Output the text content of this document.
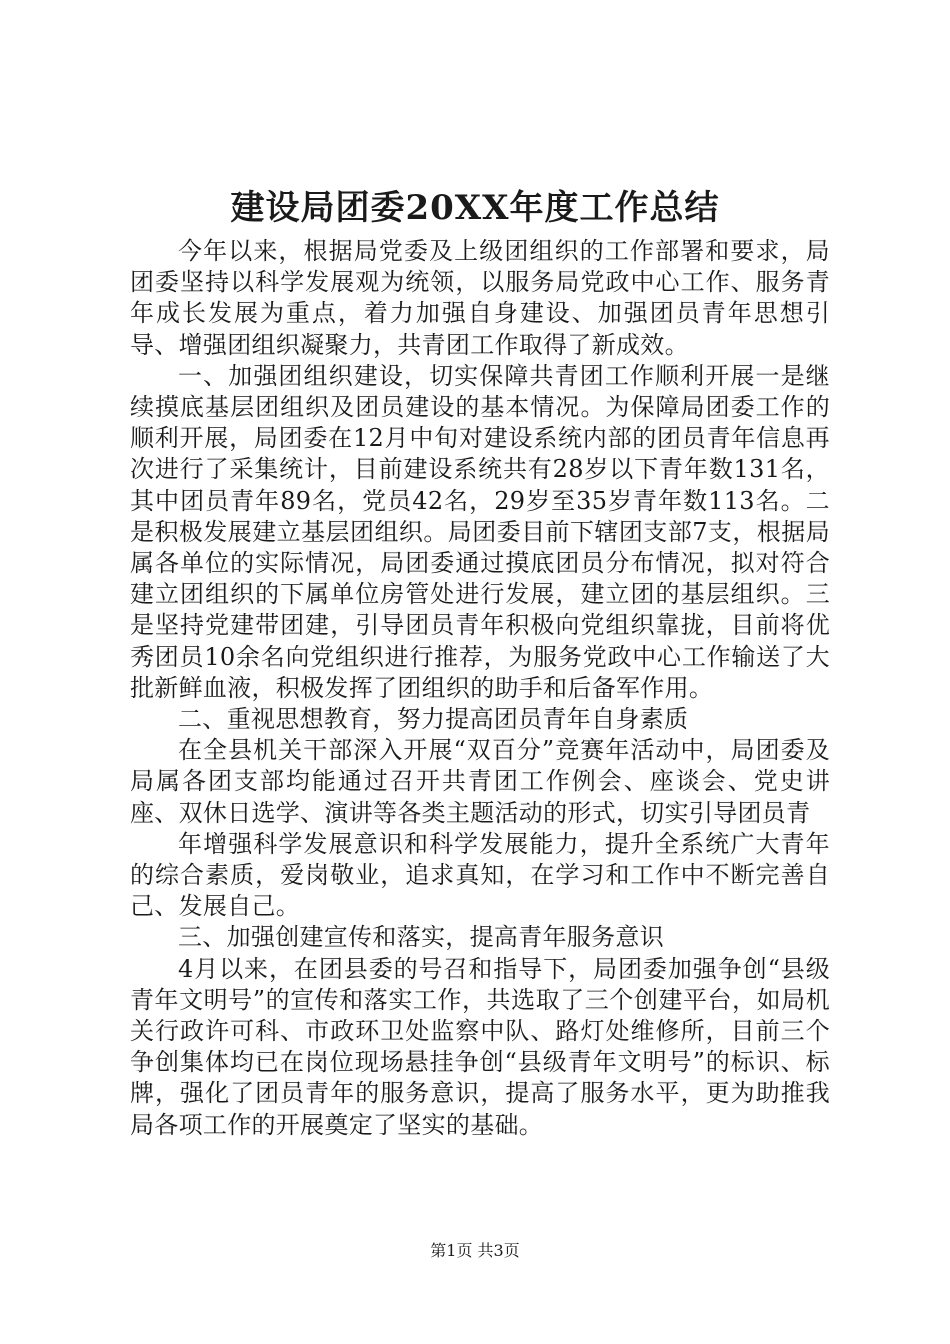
建设局团委20XX年度工作总结

今年以来，根据局党委及上级团组织的工作部署和要求，局团委坚持以科学发展观为统领，以服务局党政中心工作、服务青年成长发展为重点，着力加强自身建设、加强团员青年思想引导、增强团组织凝聚力，共青团工作取得了新成效。

一、加强团组织建设，切实保障共青团工作顺利开展一是继续摸底基层团组织及团员建设的基本情况。为保障局团委工作的顺利开展，局团委在12月中旬对建设系统内部的团员青年信息再次进行了采集统计，目前建设系统共有28岁以下青年数131名，其中团员青年89名，党员42名，29岁至35岁青年数113名。二是积极发展建立基层团组织。局团委目前下辖团支部7支，根据局属各单位的实际情况，局团委通过摸底团员分布情况，拟对符合建立团组织的下属单位房管处进行发展，建立团的基层组织。三是坚持党建带团建，引导团员青年积极向党组织靠拢，目前将优秀团员10余名向党组织进行推荐，为服务党政中心工作输送了大批新鲜血液，积极发挥了团组织的助手和后备军作用。

二、重视思想教育，努力提高团员青年自身素质

在全县机关干部深入开展“双百分”竞赛年活动中，局团委及局属各团支部均能通过召开共青团工作例会、座谈会、党史讲座、双休日选学、演讲等各类主题活动的形式，切实引导团员青

年增强科学发展意识和科学发展能力，提升全系统广大青年的综合素质，爱岗敬业，追求真知，在学习和工作中不断完善自己、发展自己。

三、加强创建宣传和落实，提高青年服务意识

4月以来，在团县委的号召和指导下，局团委加强争创“县级青年文明号”的宣传和落实工作，共选取了三个创建平台，如局机关行政许可科、市政环卫处监察中队、路灯处维修所，目前三个争创集体均已在岗位现场悬挂争创“县级青年文明号”的标识、标牌，强化了团员青年的服务意识，提高了服务水平，更为助推我局各项工作的开展奠定了坚实的基础。

第1页 共3页
